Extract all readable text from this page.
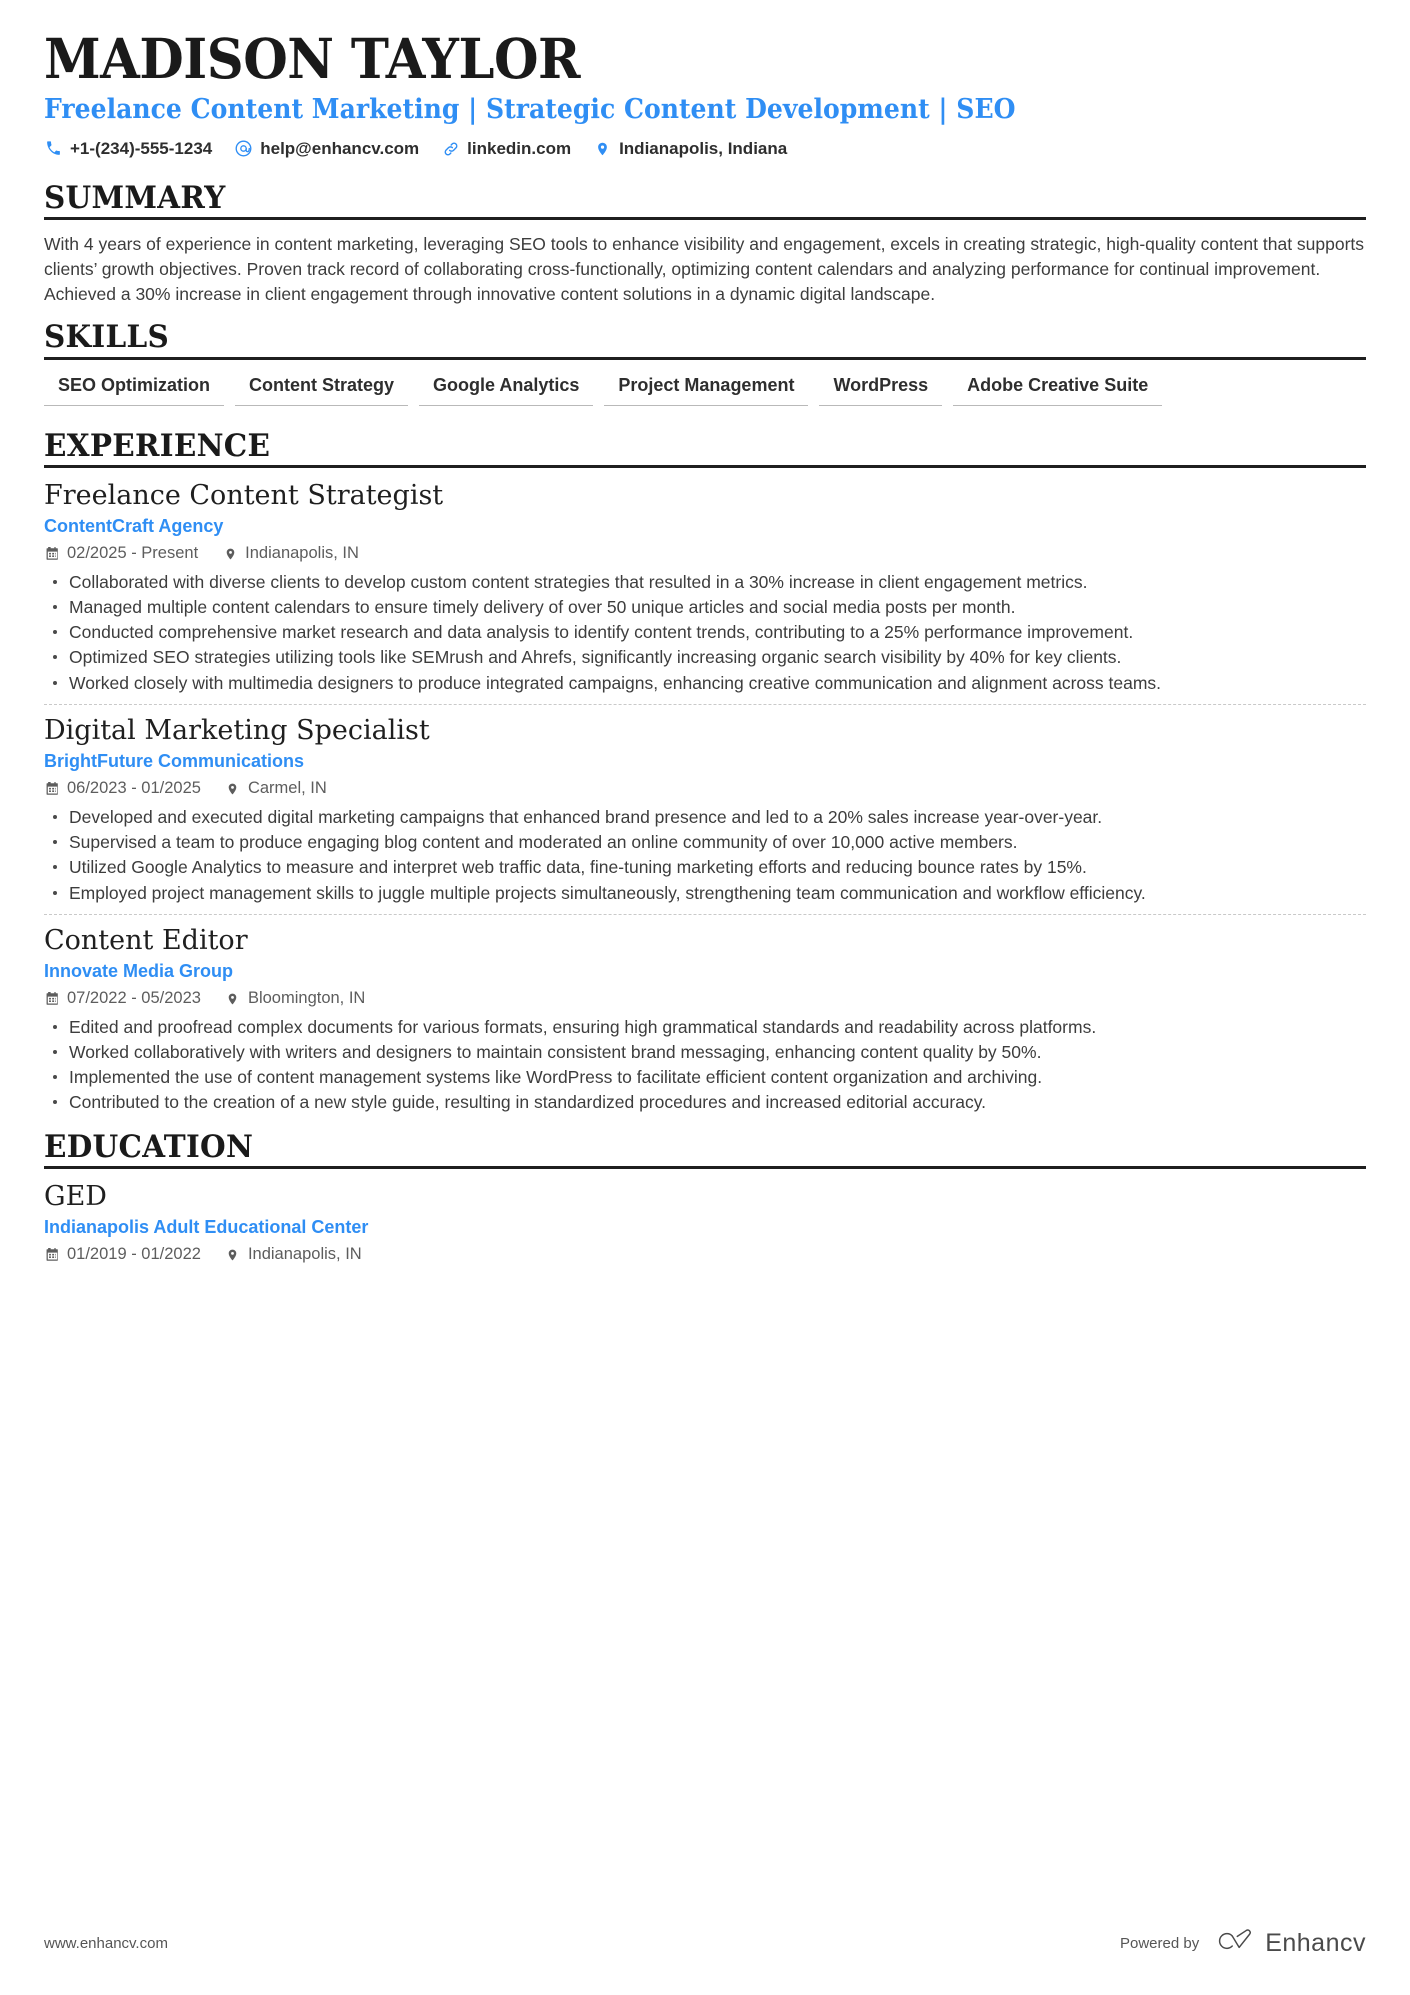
MADISON TAYLOR
Freelance Content Marketing | Strategic Content Development | SEO
+1-(234)-555-1234	help@enhancv.com	linkedin.com	Indianapolis, Indiana
SUMMARY

With 4 years of experience in content marketing, leveraging SEO tools to enhance visibility and engagement, excels in creating strategic, high-quality content that supports clients’ growth objectives. Proven track record of collaborating cross-functionally, optimizing content calendars and analyzing performance for continual improvement. Achieved a 30% increase in client engagement through innovative content solutions in a dynamic digital landscape.

SKILLS
SEO Optimization	Content Strategy	Google Analytics	Project Management	WordPress	Adobe Creative Suite
EXPERIENCE
Freelance Content Strategist
ContentCraft Agency
02/2025 - Present	Indianapolis, IN
Collaborated with diverse clients to develop custom content strategies that resulted in a 30% increase in client engagement metrics.
Managed multiple content calendars to ensure timely delivery of over 50 unique articles and social media posts per month.
Conducted comprehensive market research and data analysis to identify content trends, contributing to a 25% performance improvement.
Optimized SEO strategies utilizing tools like SEMrush and Ahrefs, significantly increasing organic search visibility by 40% for key clients.
Worked closely with multimedia designers to produce integrated campaigns, enhancing creative communication and alignment across teams.
Digital Marketing Specialist
BrightFuture Communications
06/2023 - 01/2025	Carmel, IN
Developed and executed digital marketing campaigns that enhanced brand presence and led to a 20% sales increase year-over-year.
Supervised a team to produce engaging blog content and moderated an online community of over 10,000 active members.
Utilized Google Analytics to measure and interpret web traffic data, fine-tuning marketing efforts and reducing bounce rates by 15%.
Employed project management skills to juggle multiple projects simultaneously, strengthening team communication and workflow efficiency.
Content Editor
Innovate Media Group
07/2022 - 05/2023	Bloomington, IN
Edited and proofread complex documents for various formats, ensuring high grammatical standards and readability across platforms.
Worked collaboratively with writers and designers to maintain consistent brand messaging, enhancing content quality by 50%.
Implemented the use of content management systems like WordPress to facilitate efficient content organization and archiving.
Contributed to the creation of a new style guide, resulting in standardized procedures and increased editorial accuracy.
EDUCATION
GED
Indianapolis Adult Educational Center
01/2019 - 01/2022	Indianapolis, IN
www.enhancv.com	Powered by	Enhancv
